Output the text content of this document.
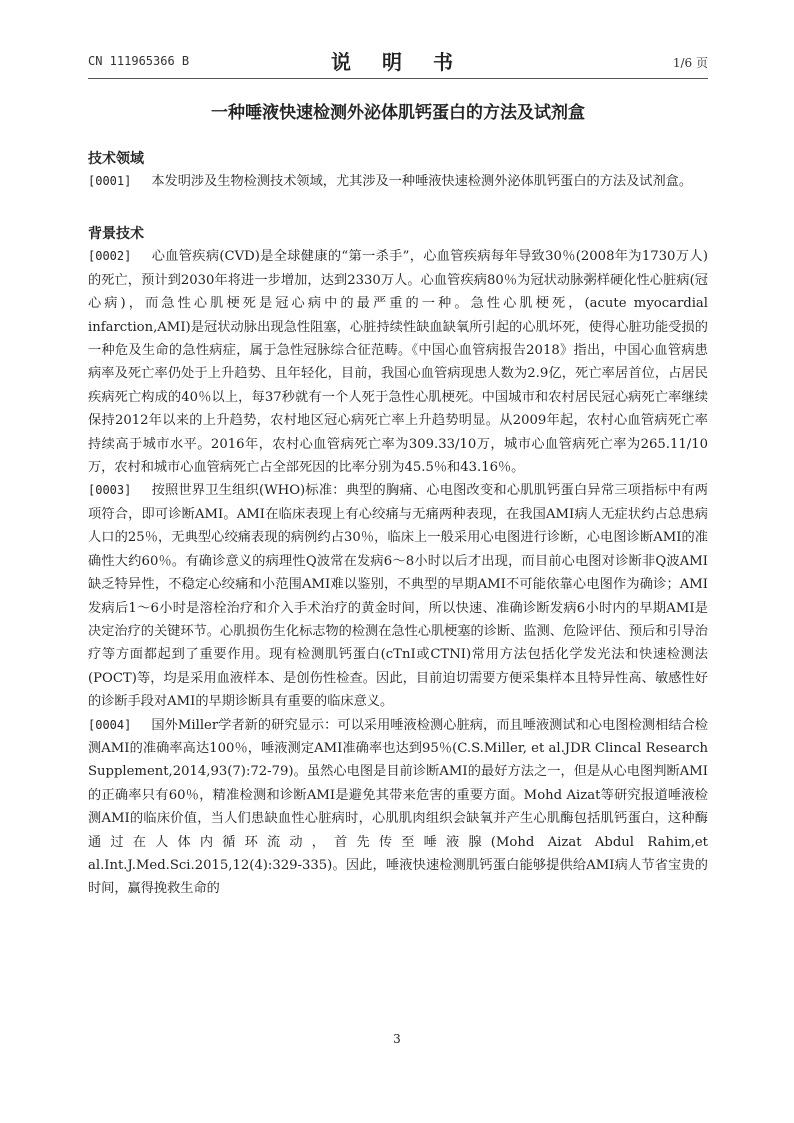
CN 111965366 B	说 明 书	1/6 页
一种唾液快速检测外泌体肌钙蛋白的方法及试剂盒
技术领域

[0001] 本发明涉及生物检测技术领域，尤其涉及一种唾液快速检测外泌体肌钙蛋白的方法及试剂盒。

背景技术

[0002] 心血管疾病(CVD)是全球健康的“第一杀手”，心血管疾病每年导致30％(2008年为1730万人)的死亡，预计到2030年将进一步增加，达到2330万人。心血管疾病80％为冠状动脉粥样硬化性心脏病(冠心病)，而急性心肌梗死是冠心病中的最严重的一种。急性心肌梗死，(acute myocardial infarction,AMI)是冠状动脉出现急性阻塞，心脏持续性缺血缺氧所引起的心肌坏死，使得心脏功能受损的一种危及生命的急性病症，属于急性冠脉综合征范畴。《中国心血管病报告2018》指出，中国心血管病患病率及死亡率仍处于上升趋势、且年轻化，目前，我国心血管病现患人数为2.9亿，死亡率居首位，占居民疾病死亡构成的40％以上，每37秒就有一个人死于急性心肌梗死。中国城市和农村居民冠心病死亡率继续保持2012年以来的上升趋势，农村地区冠心病死亡率上升趋势明显。从2009年起，农村心血管病死亡率持续高于城市水平。2016年，农村心血管病死亡率为309.33/10万，城市心血管病死亡率为265.11/10万，农村和城市心血管病死亡占全部死因的比率分别为45.5％和43.16％。

[0003] 按照世界卫生组织(WHO)标准：典型的胸痛、心电图改变和心肌肌钙蛋白异常三项指标中有两项符合，即可诊断AMI。AMI在临床表现上有心绞痛与无痛两种表现，在我国AMI病人无症状约占总患病人口的25％，无典型心绞痛表现的病例约占30％，临床上一般采用心电图进行诊断，心电图诊断AMI的准确性大约60％。有确诊意义的病理性Q波常在发病6～8小时以后才出现，而目前心电图对诊断非Q波AMI缺乏特异性，不稳定心绞痛和小范围AMI难以鉴别，不典型的早期AMI不可能依靠心电图作为确诊；AMI发病后1～6小时是溶栓治疗和介入手术治疗的黄金时间，所以快速、准确诊断发病6小时内的早期AMI是决定治疗的关键环节。心肌损伤生化标志物的检测在急性心肌梗塞的诊断、监测、危险评估、预后和引导治疗等方面都起到了重要作用。现有检测肌钙蛋白(cTnI或CTNI)常用方法包括化学发光法和快速检测法(POCT)等，均是采用血液样本、是创伤性检查。因此，目前迫切需要方便采集样本且特异性高、敏感性好的诊断手段对AMI的早期诊断具有重要的临床意义。

[0004] 国外Miller学者新的研究显示：可以采用唾液检测心脏病，而且唾液测试和心电图检测相结合检测AMI的准确率高达100％，唾液测定AMI准确率也达到95％(C.S.Miller, et al.JDR Clincal Research Supplement,2014,93(7):72-79)。虽然心电图是目前诊断AMI的最好方法之一，但是从心电图判断AMI的正确率只有60％，精准检测和诊断AMI是避免其带来危害的重要方面。Mohd Aizat等研究报道唾液检测AMI的临床价值，当人们患缺血性心脏病时，心肌肌肉组织会缺氧并产生心肌酶包括肌钙蛋白，这种酶通过在人体内循环流动，首先传至唾液腺(Mohd Aizat Abdul Rahim,et al.Int.J.Med.Sci.2015,12(4):329-335)。因此，唾液快速检测肌钙蛋白能够提供给AMI病人节省宝贵的时间，赢得挽救生命的

3
